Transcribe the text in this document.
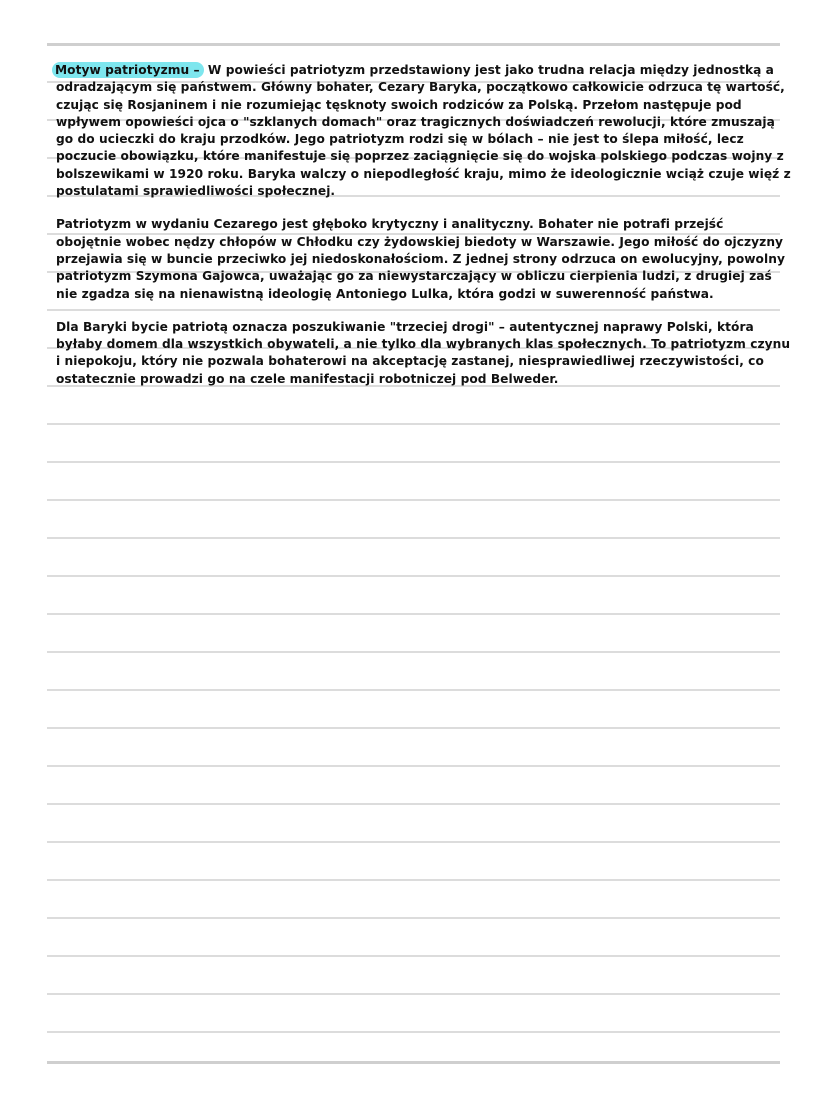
Motyw patriotyzmu – W powieści patriotyzm przedstawiony jest jako trudna relacja między jednostką a odradzającym się państwem. Główny bohater, Cezary Baryka, początkowo całkowicie odrzuca tę wartość, czując się Rosjaninem i nie rozumiejąc tęsknoty swoich rodziców za Polską. Przełom następuje pod wpływem opowieści ojca o "szklanych domach" oraz tragicznych doświadczeń rewolucji, które zmuszają go do ucieczki do kraju przodków. Jego patriotyzm rodzi się w bólach – nie jest to ślepa miłość, lecz poczucie obowiązku, które manifestuje się poprzez zaciągnięcie się do wojska polskiego podczas wojny z bolszewikami w 1920 roku. Baryka walczy o niepodległość kraju, mimo że ideologicznie wciąż czuje więź z postulatami sprawiedliwości społecznej.

Patriotyzm w wydaniu Cezarego jest głęboko krytyczny i analityczny. Bohater nie potrafi przejść obojętnie wobec nędzy chłopów w Chłodku czy żydowskiej biedoty w Warszawie. Jego miłość do ojczyzny przejawia się w buncie przeciwko jej niedoskonałościom. Z jednej strony odrzuca on ewolucyjny, powolny patriotyzm Szymona Gajowca, uważając go za niewystarczający w obliczu cierpienia ludzi, z drugiej zaś nie zgadza się na nienawistną ideologię Antoniego Lulka, która godzi w suwerenność państwa.

Dla Baryki bycie patriotą oznacza poszukiwanie "trzeciej drogi" – autentycznej naprawy Polski, która byłaby domem dla wszystkich obywateli, a nie tylko dla wybranych klas społecznych. To patriotyzm czynu i niepokoju, który nie pozwala bohaterowi na akceptację zastanej, niesprawiedliwej rzeczywistości, co ostatecznie prowadzi go na czele manifestacji robotniczej pod Belweder.
